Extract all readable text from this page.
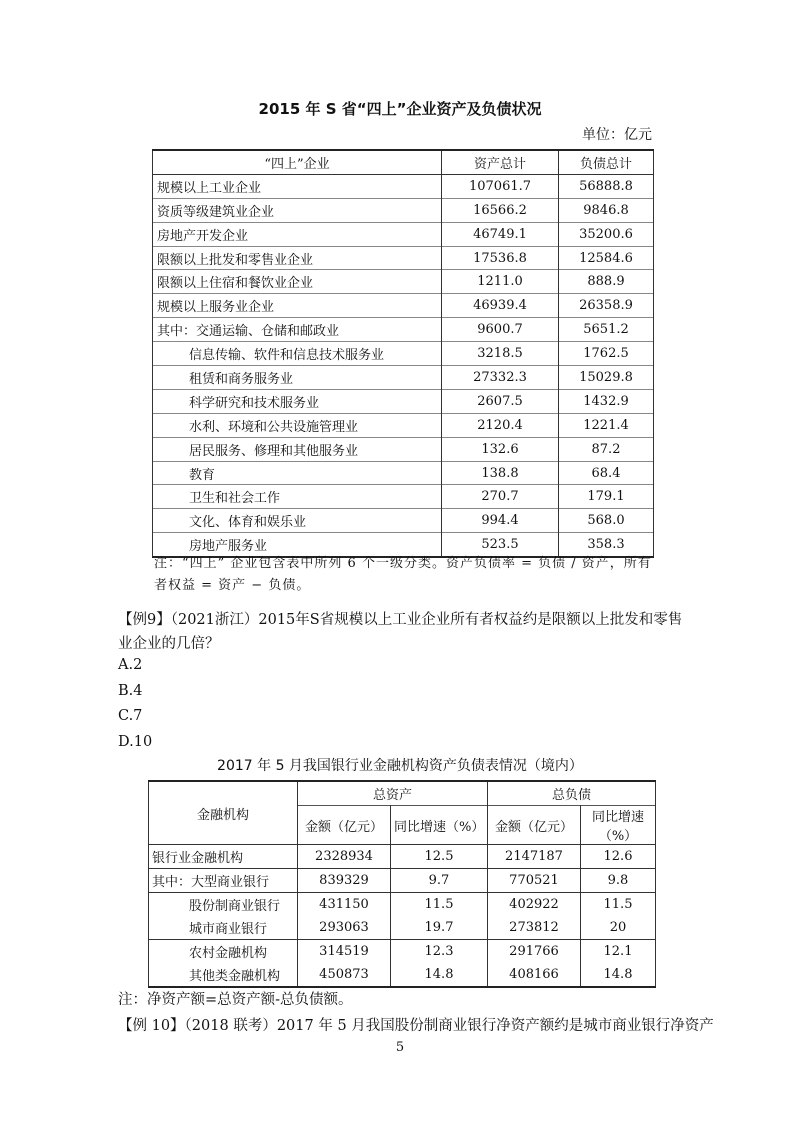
2015 年 S 省“四上”企业资产及负债状况
单位：亿元
“四上”企业	资产总计	负债总计
规模以上工业企业	107061.7	56888.8
资质等级建筑业企业	16566.2	9846.8
房地产开发企业	46749.1	35200.6
限额以上批发和零售业企业	17536.8	12584.6
限额以上住宿和餐饮业企业	1211.0	888.9
规模以上服务业企业	46939.4	26358.9
其中：交通运输、仓储和邮政业	9600.7	5651.2
信息传输、软件和信息技术服务业	3218.5	1762.5
租赁和商务服务业	27332.3	15029.8
科学研究和技术服务业	2607.5	1432.9
水利、环境和公共设施管理业	2120.4	1221.4
居民服务、修理和其他服务业	132.6	87.2
教育	138.8	68.4
卫生和社会工作	270.7	179.1
文化、体育和娱乐业	994.4	568.0
房地产服务业	523.5	358.3
注：“四上” 企业包含表中所列 6 个一级分类。资产负债率 = 负债 / 资产，所有者权益 = 资产 − 负债。
【例9】（2021浙江）2015年S省规模以上工业企业所有者权益约是限额以上批发和零售业企业的几倍？
A.2
B.4
C.7
D.10
2017 年 5 月我国银行业金融机构资产负债表情况（境内）
金融机构	总资产		总负债	
	金额（亿元）	同比增速（%）	金额（亿元）	同比增速（%）
银行业金融机构	2328934	12.5	2147187	12.6
其中：大型商业银行	839329	9.7	770521	9.8
股份制商业银行	431150	11.5	402922	11.5
城市商业银行	293063	19.7	273812	20
农村金融机构	314519	12.3	291766	12.1
其他类金融机构	450873	14.8	408166	14.8
注：净资产额=总资产额-总负债额。
【例 10】（2018 联考）2017 年 5 月我国股份制商业银行净资产额约是城市商业银行净资产
5
